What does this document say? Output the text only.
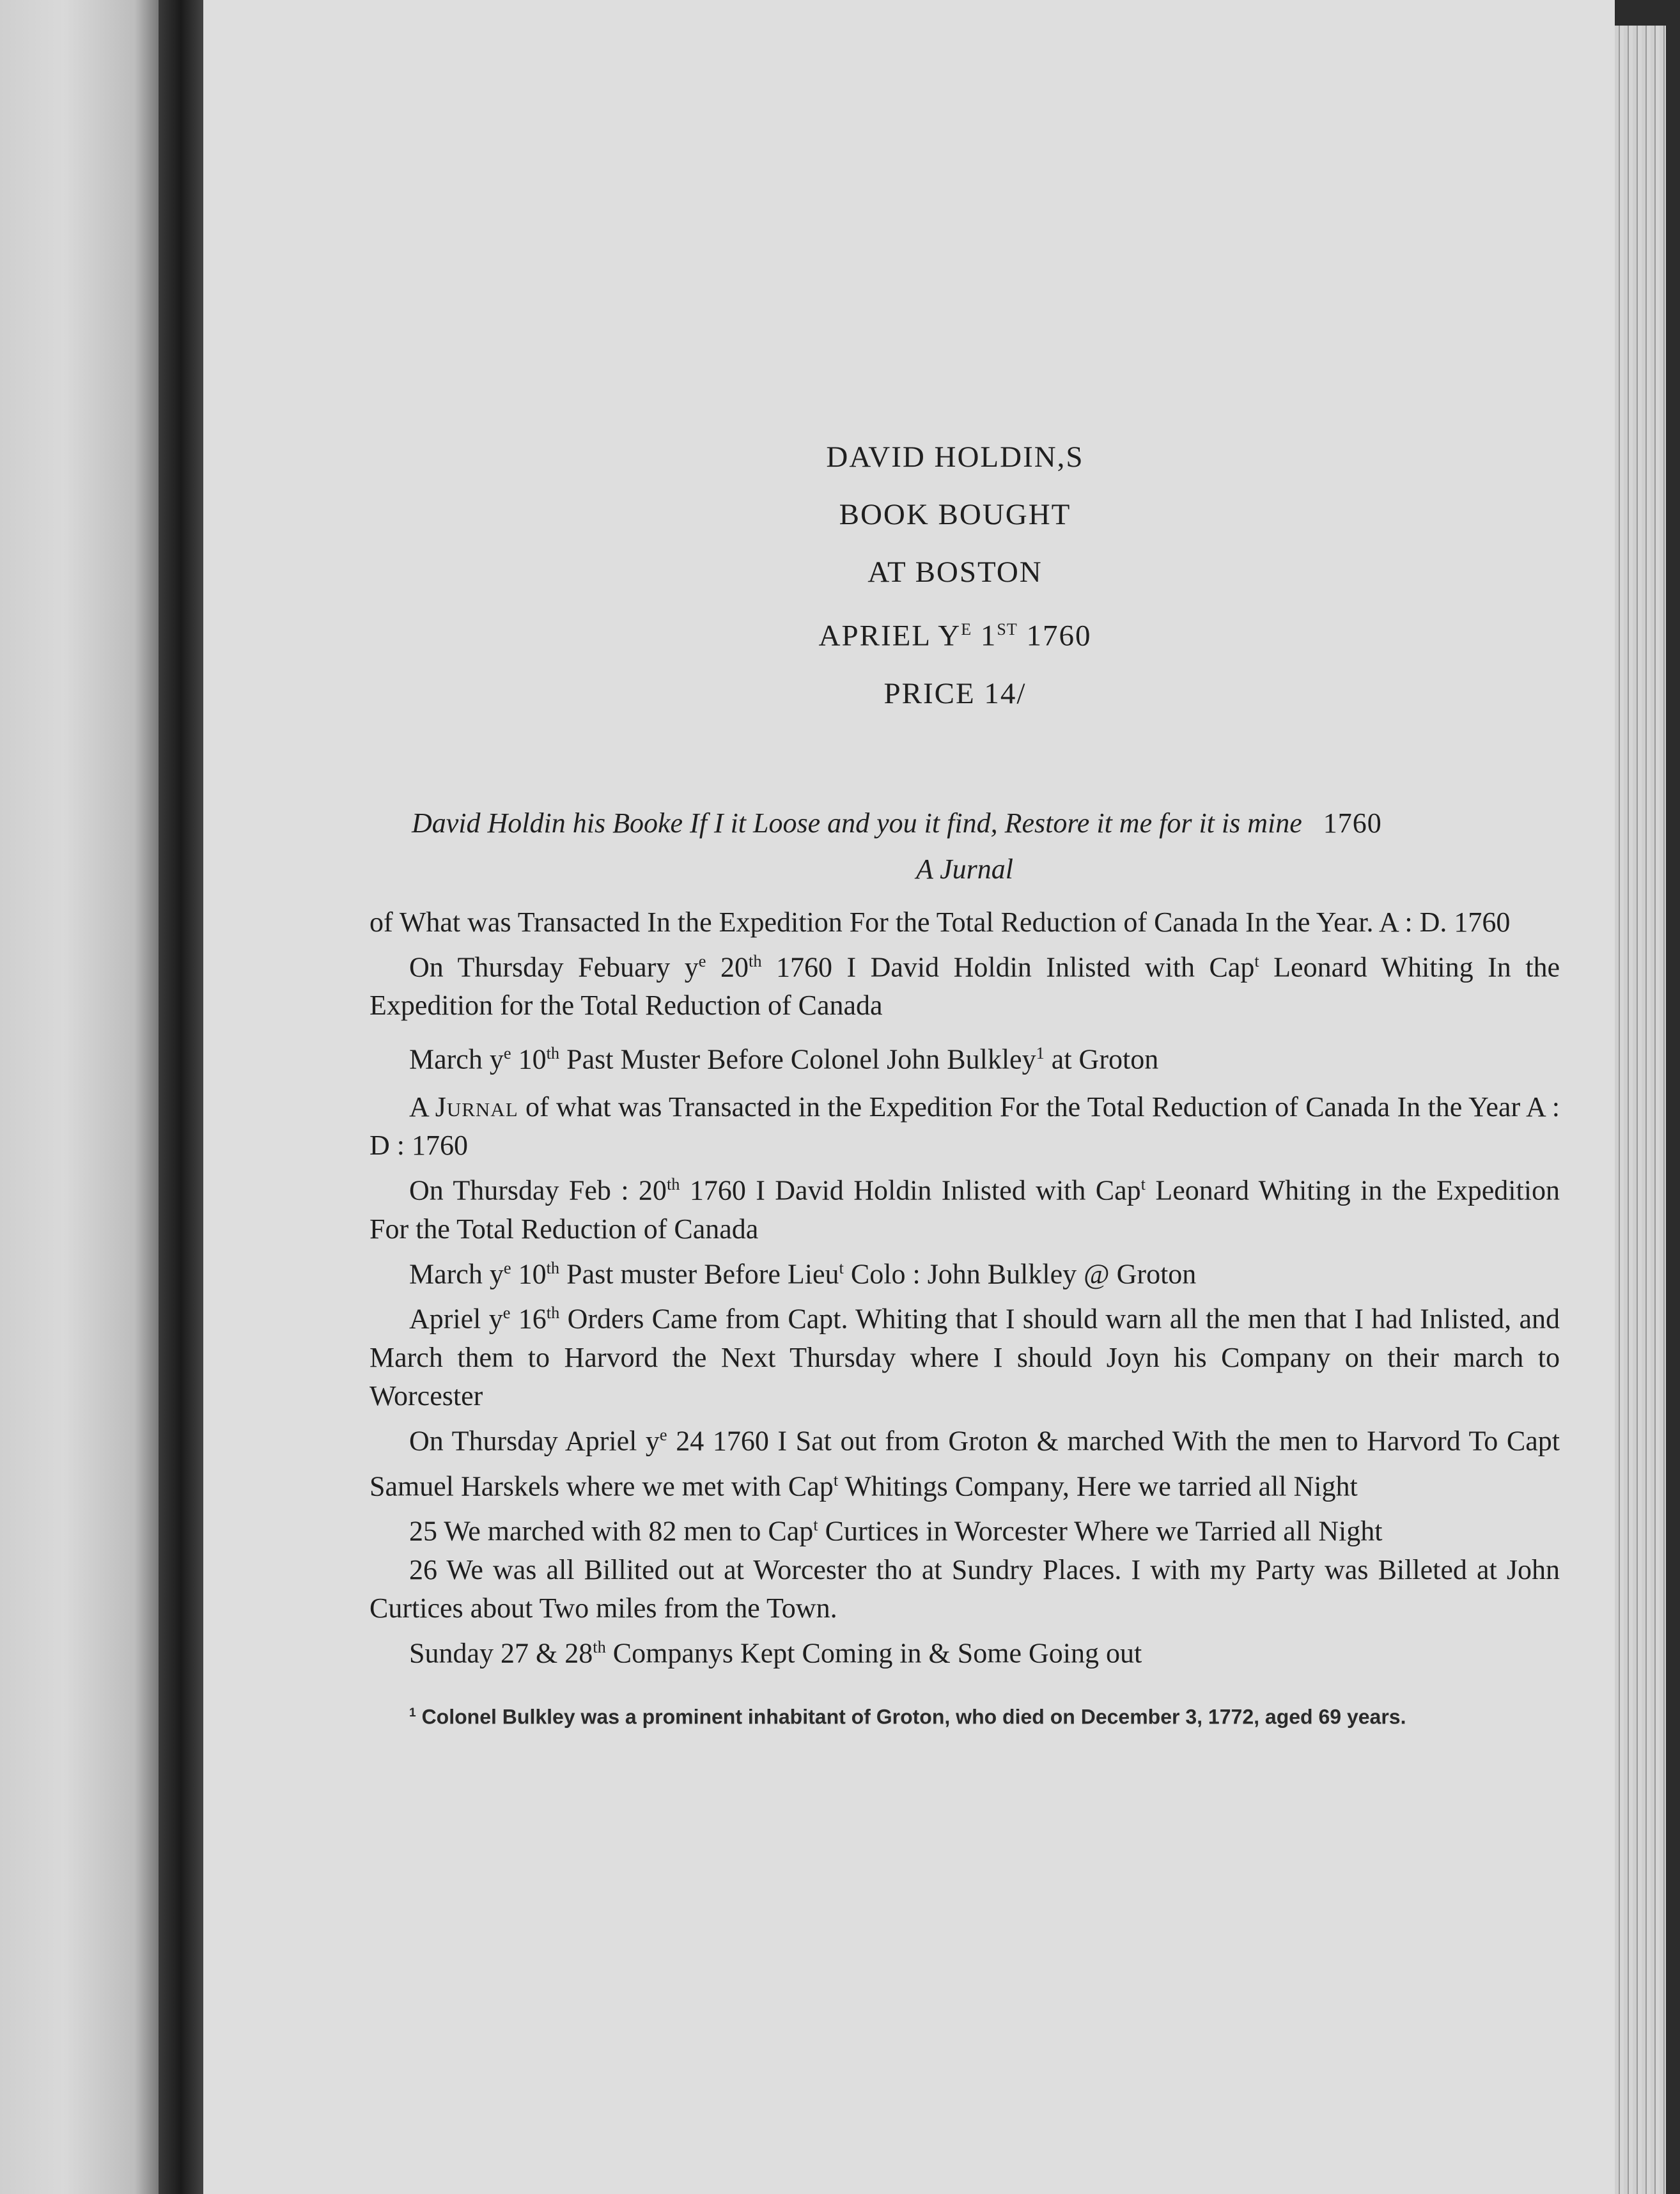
DAVID HOLDIN,S
BOOK BOUGHT
AT BOSTON
APRIEL $Y^E$ 1ST 1760
PRICE 14/
David Holdin his Booke If I it Loose and you it find, Restore it me for it is mine 1760
A Jurnal

of What was Transacted In the Expedition For the Total Reduction of Canada In the Year. A : D. 1760

On Thursday Febuary $y^e$ 20th 1760 I David Holdin Inlisted with Cap$^t$ Leonard Whiting In the Expedition for the Total Reduction of Canada

March $y^e$ 10th Past Muster Before Colonel John Bulkley$^1$ at Groton

A Jurnal of what was Transacted in the Expedition For the Total Reduction of Canada In the Year A : D : 1760

On Thursday Feb : 20th 1760 I David Holdin Inlisted with Cap$^t$ Leonard Whiting in the Expedition For the Total Reduction of Canada

March $y^e$ 10th Past muster Before Lieu$^t$ Colo : John Bulkley @ Groton

Apriel $y^e$ 16th Orders Came from Capt. Whiting that I should warn all the men that I had Inlisted, and March them to Harvord the Next Thursday where I should Joyn his Company on their march to Worcester

On Thursday Apriel $y^e$ 24 1760 I Sat out from Groton & marched With the men to Harvord To Capt Samuel Harskels where we met with Cap$^t$ Whitings Company, Here we tarried all Night

25 We marched with 82 men to Cap$^t$ Curtices in Worcester Where we Tarried all Night

26 We was all Billited out at Worcester tho at Sundry Places. I with my Party was Billeted at John Curtices about Two miles from the Town.

Sunday 27 & 28th Companys Kept Coming in & Some Going out

$^1$ Colonel Bulkley was a prominent inhabitant of Groton, who died on December 3, 1772, aged 69 years.
